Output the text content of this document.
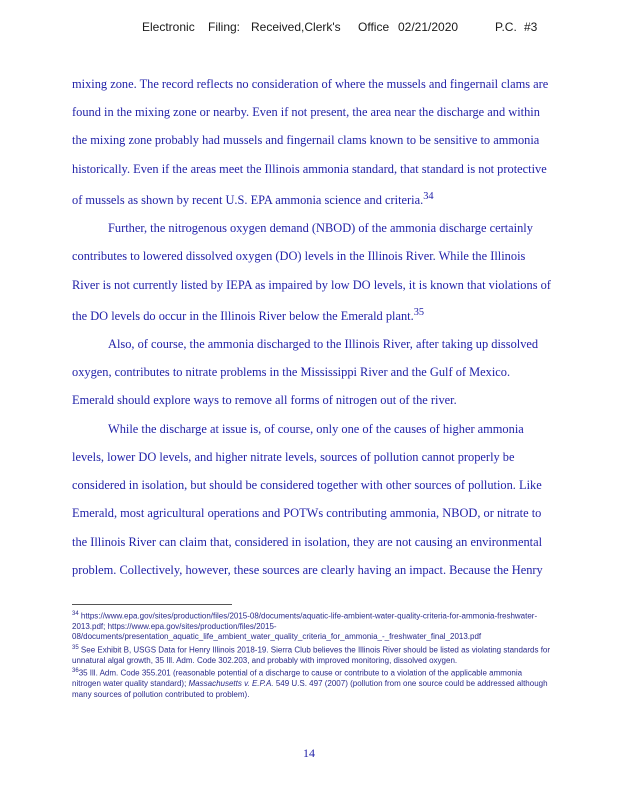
Electronic Filing: Received,Clerk's Office 02/21/2020	P.C. #3

mixing zone. The record reflects no consideration of where the mussels and fingernail clams are found in the mixing zone or nearby. Even if not present, the area near the discharge and within the mixing zone probably had mussels and fingernail clams known to be sensitive to ammonia historically. Even if the areas meet the Illinois ammonia standard, that standard is not protective of mussels as shown by recent U.S. EPA ammonia science and criteria.$^{34}$

Further, the nitrogenous oxygen demand (NBOD) of the ammonia discharge certainly contributes to lowered dissolved oxygen (DO) levels in the Illinois River. While the Illinois River is not currently listed by IEPA as impaired by low DO levels, it is known that violations of the DO levels do occur in the Illinois River below the Emerald plant.$^{35}$

Also, of course, the ammonia discharged to the Illinois River, after taking up dissolved oxygen, contributes to nitrate problems in the Mississippi River and the Gulf of Mexico. Emerald should explore ways to remove all forms of nitrogen out of the river.

While the discharge at issue is, of course, only one of the causes of higher ammonia levels, lower DO levels, and higher nitrate levels, sources of pollution cannot properly be considered in isolation, but should be considered together with other sources of pollution. Like Emerald, most agricultural operations and POTWs contributing ammonia, NBOD, or nitrate to the Illinois River can claim that, considered in isolation, they are not causing an environmental problem. Collectively, however, these sources are clearly having an impact. Because the Henry

$^{34}$ https://www.epa.gov/sites/production/files/2015-08/documents/aquatic-life-ambient-water-quality-criteria-for-ammonia-freshwater-2013.pdf; https://www.epa.gov/sites/production/files/2015-08/documents/presentation_aquatic_life_ambient_water_quality_criteria_for_ammonia_-_freshwater_final_2013.pdf

$^{35}$ See Exhibit B, USGS Data for Henry Illinois 2018-19. Sierra Club believes the Illinois River should be listed as violating standards for unnatural algal growth, 35 Ill. Adm. Code 302.203, and probably with improved monitoring, dissolved oxygen.

$^{36}$35 Ill. Adm. Code 355.201 (reasonable potential of a discharge to cause or contribute to a violation of the applicable ammonia nitrogen water quality standard); Massachusetts v. E.P.A. 549 U.S. 497 (2007) (pollution from one source could be addressed although many sources of pollution contributed to problem).

14
